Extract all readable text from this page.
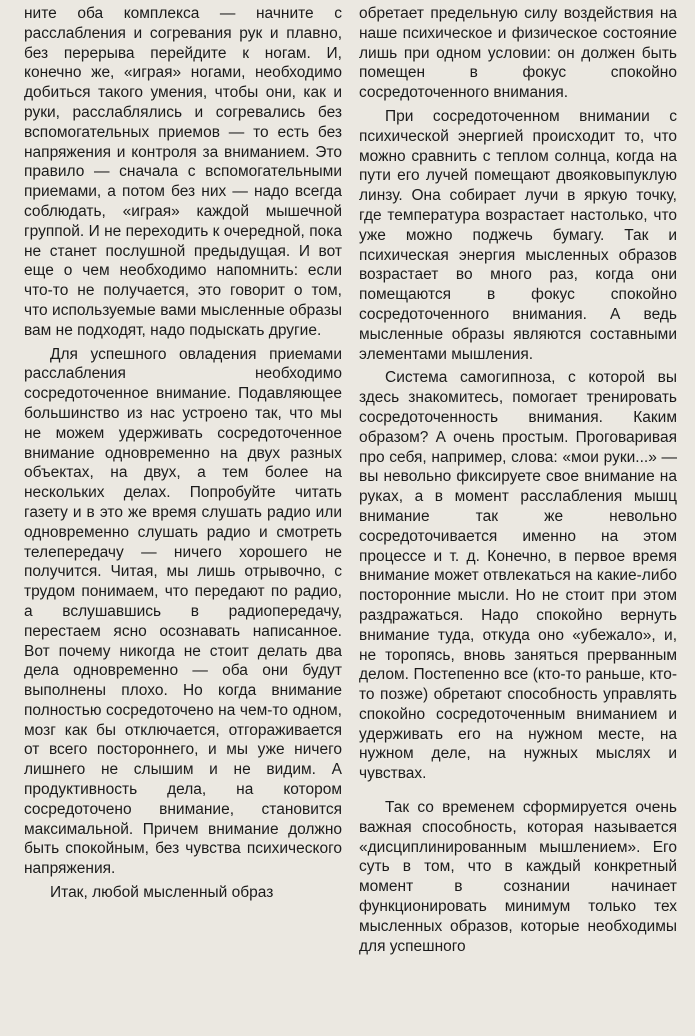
ните оба комплекса — начните с расслабления и согревания рук и плавно, без перерыва перейдите к ногам. И, конечно же, «играя» ногами, необходимо добиться такого умения, чтобы они, как и руки, расслаблялись и согревались без вспомогательных приемов — то есть без напряжения и контроля за вниманием. Это правило — сначала с вспомогательными приемами, а потом без них — надо всегда соблюдать, «играя» каждой мышечной группой. И не переходить к очередной, пока не станет послушной предыдущая. И вот еще о чем необходимо напомнить: если что-то не получается, это говорит о том, что используемые вами мысленные образы вам не подходят, надо подыскать другие.

Для успешного овладения приемами расслабления необходимо сосредоточенное внимание. Подавляющее большинство из нас устроено так, что мы не можем удерживать сосредоточенное внимание одновременно на двух разных объектах, на двух, а тем более на нескольких делах. Попробуйте читать газету и в это же время слушать радио или одновременно слушать радио и смотреть телепередачу — ничего хорошего не получится. Читая, мы лишь отрывочно, с трудом понимаем, что передают по радио, а вслушавшись в радиопередачу, перестаем ясно осознавать написанное. Вот почему никогда не стоит делать два дела одновременно — оба они будут выполнены плохо. Но когда внимание полностью сосредоточено на чем-то одном, мозг как бы отключается, отгораживается от всего постороннего, и мы уже ничего лишнего не слышим и не видим. А продуктивность дела, на котором сосредоточено внимание, становится максимальной. Причем внимание должно быть спокойным, без чувства психического напряжения.

Итак, любой мысленный образ

обретает предельную силу воздействия на наше психическое и физическое состояние лишь при одном условии: он должен быть помещен в фокус спокойно сосредоточенного внимания.

При сосредоточенном внимании с психической энергией происходит то, что можно сравнить с теплом солнца, когда на пути его лучей помещают двояковыпуклую линзу. Она собирает лучи в яркую точку, где температура возрастает настолько, что уже можно поджечь бумагу. Так и психическая энергия мысленных образов возрастает во много раз, когда они помещаются в фокус спокойно сосредоточенного внимания. А ведь мысленные образы являются составными элементами мышления.

Система самогипноза, с которой вы здесь знакомитесь, помогает тренировать сосредоточенность внимания. Каким образом? А очень простым. Проговаривая про себя, например, слова: «мои руки...» — вы невольно фиксируете свое внимание на руках, а в момент расслабления мышц внимание так же невольно сосредоточивается именно на этом процессе и т. д. Конечно, в первое время внимание может отвлекаться на какие-либо посторонние мысли. Но не стоит при этом раздражаться. Надо спокойно вернуть внимание туда, откуда оно «убежало», и, не торопясь, вновь заняться прерванным делом. Постепенно все (кто-то раньше, кто-то позже) обретают способность управлять спокойно сосредоточенным вниманием и удерживать его на нужном месте, на нужном деле, на нужных мыслях и чувствах.

Так со временем сформируется очень важная способность, которая называется «дисциплинированным мышлением». Его суть в том, что в каждый конкретный момент в сознании начинает функционировать минимум только тех мысленных образов, которые необходимы для успешного
